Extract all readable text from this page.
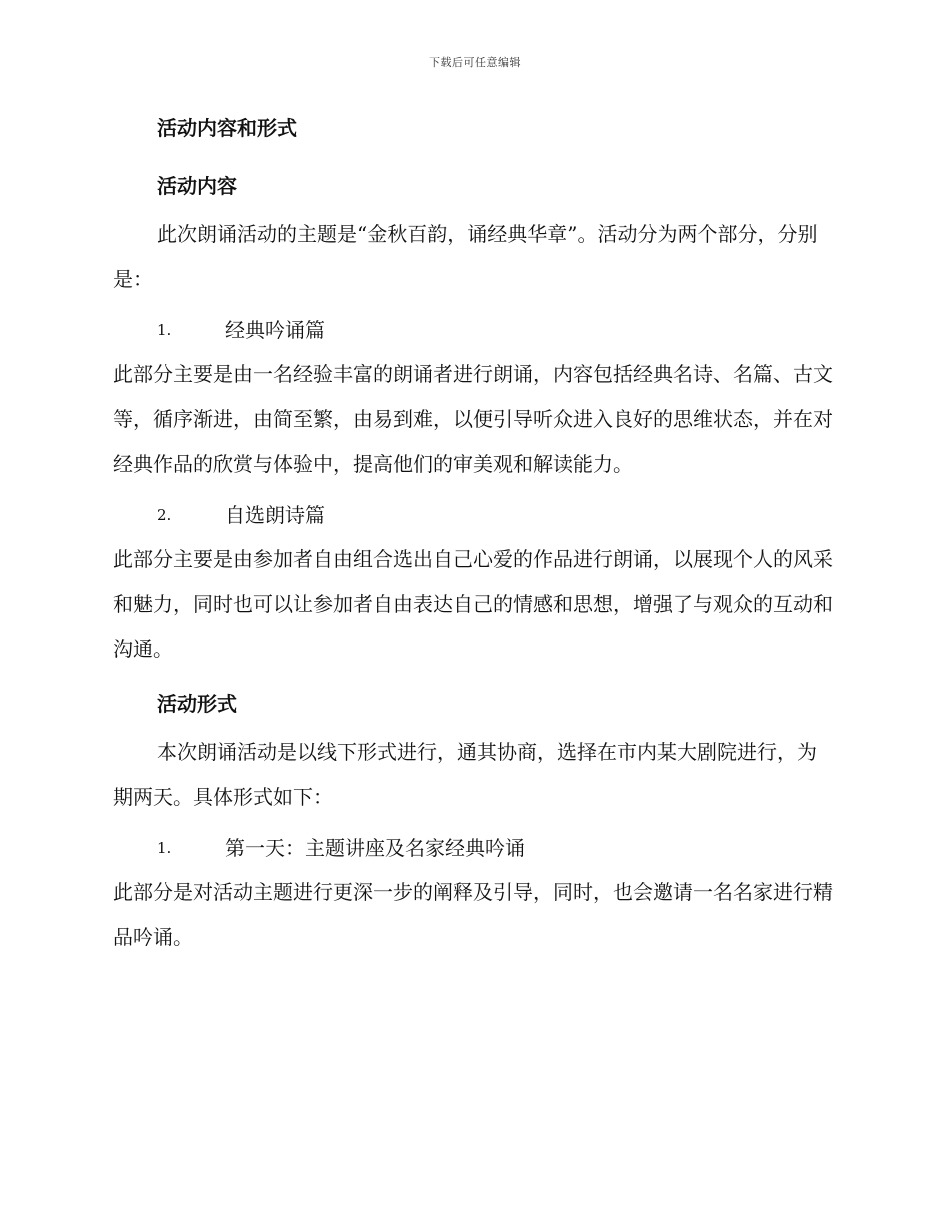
下载后可任意编辑
活动内容和形式
活动内容

此次朗诵活动的主题是“金秋百韵，诵经典华章”。活动分为两个部分，分别是：

1.	经典吟诵篇

此部分主要是由一名经验丰富的朗诵者进行朗诵，内容包括经典名诗、名篇、古文等，循序渐进，由简至繁，由易到难，以便引导听众进入良好的思维状态，并在对经典作品的欣赏与体验中，提高他们的审美观和解读能力。

2.	自选朗诗篇

此部分主要是由参加者自由组合选出自己心爱的作品进行朗诵，以展现个人的风采和魅力，同时也可以让参加者自由表达自己的情感和思想，增强了与观众的互动和沟通。

活动形式

本次朗诵活动是以线下形式进行，通其协商，选择在市内某大剧院进行，为期两天。具体形式如下：

1.	第一天：主题讲座及名家经典吟诵

此部分是对活动主题进行更深一步的阐释及引导，同时，也会邀请一名名家进行精品吟诵。
